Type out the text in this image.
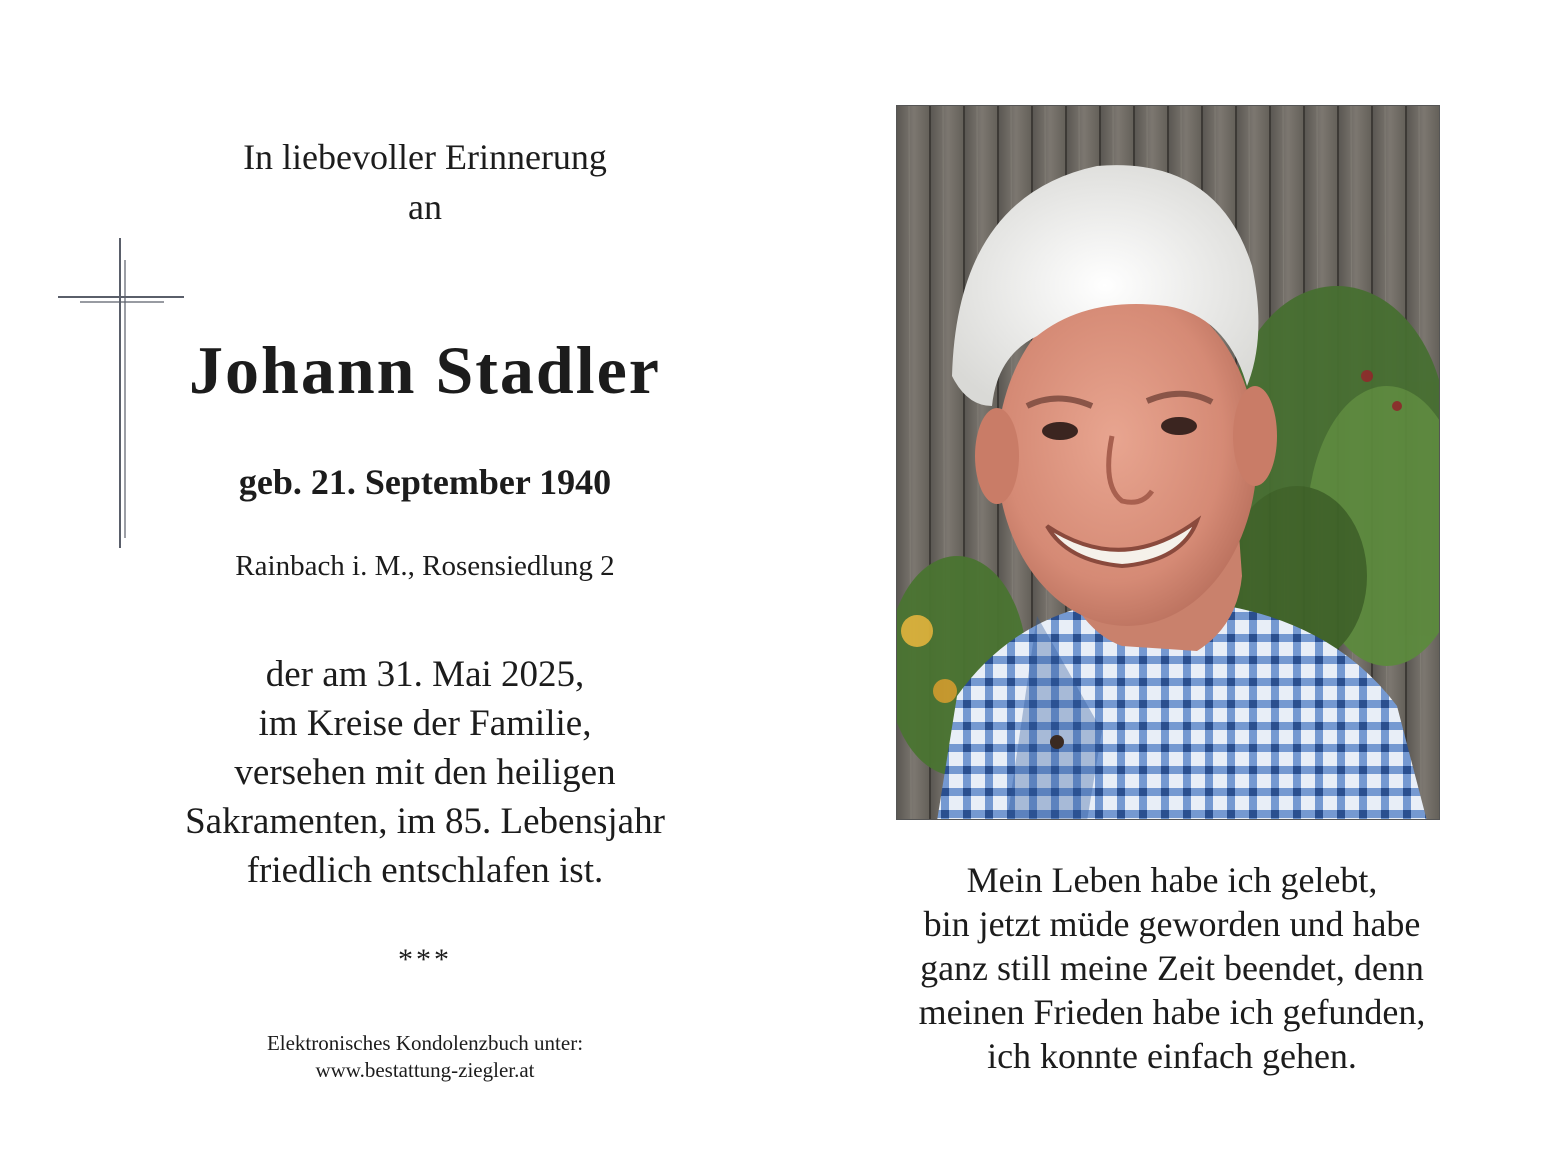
In liebevoller Erinnerung
an
Johann Stadler
geb. 21. September 1940
Rainbach i. M., Rosensiedlung 2
der am 31. Mai 2025,
im Kreise der Familie,
versehen mit den heiligen
Sakramenten, im 85. Lebensjahr
friedlich entschlafen ist.
***
Elektronisches Kondolenzbuch unter:
www.bestattung-ziegler.at
Mein Leben habe ich gelebt,
bin jetzt müde geworden und habe
ganz still meine Zeit beendet, denn
meinen Frieden habe ich gefunden,
ich konnte einfach gehen.
